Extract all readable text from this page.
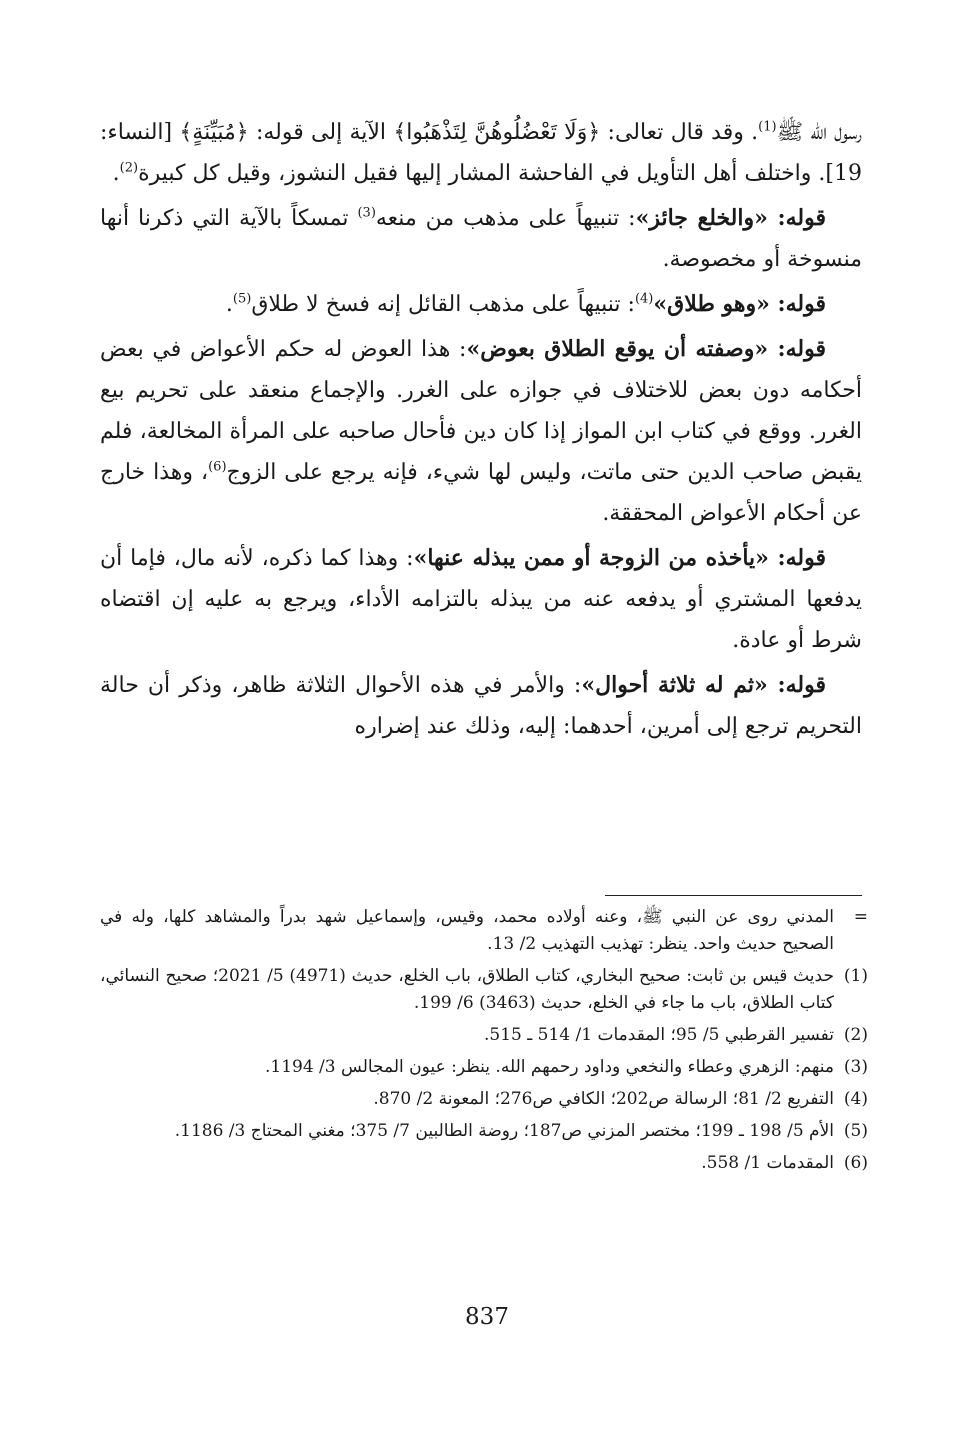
رسول الله ﷺ$^{(1)}$. وقد قال تعالى: ﴿وَلَا تَعْضُلُوهُنَّ لِتَذْهَبُوا﴾ الآية إلى قوله: ﴿مُبَيِّنَةٍ﴾ [النساء: 19]. واختلف أهل التأويل في الفاحشة المشار إليها فقيل النشوز، وقيل كل كبيرة$^{(2)}$.

قوله: «والخلع جائز»: تنبيهاً على مذهب من منعه$^{(3)}$ تمسكاً بالآية التي ذكرنا أنها منسوخة أو مخصوصة.

قوله: «وهو طلاق»$^{(4)}$: تنبيهاً على مذهب القائل إنه فسخ لا طلاق$^{(5)}$.

قوله: «وصفته أن يوقع الطلاق بعوض»: هذا العوض له حكم الأعواض في بعض أحكامه دون بعض للاختلاف في جوازه على الغرر. والإجماع منعقد على تحريم بيع الغرر. ووقع في كتاب ابن المواز إذا كان دين فأحال صاحبه على المرأة المخالعة، فلم يقبض صاحب الدين حتى ماتت، وليس لها شيء، فإنه يرجع على الزوج$^{(6)}$، وهذا خارج عن أحكام الأعواض المحققة.

قوله: «يأخذه من الزوجة أو ممن يبذله عنها»: وهذا كما ذكره، لأنه مال، فإما أن يدفعها المشتري أو يدفعه عنه من يبذله بالتزامه الأداء، ويرجع به عليه إن اقتضاه شرط أو عادة.

قوله: «ثم له ثلاثة أحوال»: والأمر في هذه الأحوال الثلاثة ظاهر، وذكر أن حالة التحريم ترجع إلى أمرين، أحدهما: إليه، وذلك عند إضراره

=
المدني روى عن النبي ﷺ، وعنه أولاده محمد، وقيس، وإسماعيل شهد بدراً والمشاهد كلها، وله في الصحيح حديث واحد. ينظر: تهذيب التهذيب 2/ 13.
(1)
حديث قيس بن ثابت: صحيح البخاري، كتاب الطلاق، باب الخلع، حديث (4971) 5/ 2021؛ صحيح النسائي، كتاب الطلاق، باب ما جاء في الخلع، حديث (3463) 6/ 199.
(2)
تفسير القرطبي 5/ 95؛ المقدمات 1/ 514 ـ 515.
(3)
منهم: الزهري وعطاء والنخعي وداود رحمهم الله. ينظر: عيون المجالس 3/ 1194.
(4)
التفريع 2/ 81؛ الرسالة ص202؛ الكافي ص276؛ المعونة 2/ 870.
(5)
الأم 5/ 198 ـ 199؛ مختصر المزني ص187؛ روضة الطالبين 7/ 375؛ مغني المحتاج 3/ 1186.
(6)
المقدمات 1/ 558.
837
